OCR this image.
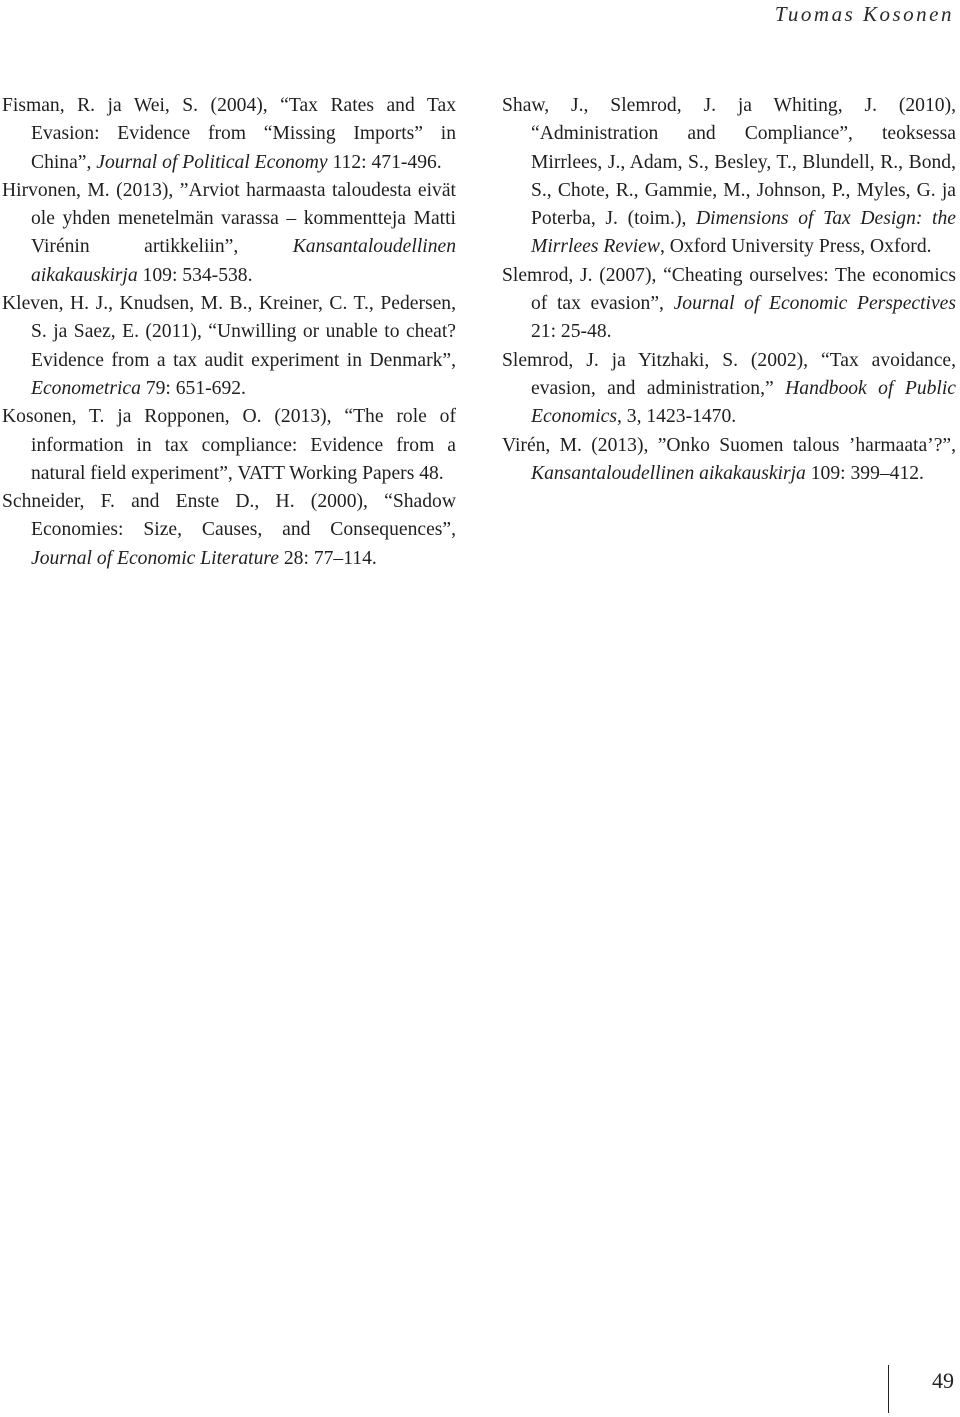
Tuomas Kosonen

Fisman, R. ja Wei, S. (2004), “Tax Rates and Tax Evasion: Evidence from “Missing Imports” in China”, Journal of Political Economy 112: 471-496.

Hirvonen, M. (2013), ”Arviot harmaasta taloudesta eivät ole yhden menetelmän varassa – kommentteja Matti Virénin artikkeliin”, Kansantaloudellinen aikakauskirja 109: 534-538.

Kleven, H. J., Knudsen, M. B., Kreiner, C. T., Pedersen, S. ja Saez, E. (2011), “Unwilling or unable to cheat? Evidence from a tax audit experiment in Denmark”, Econometrica 79: 651-692.

Kosonen, T. ja Ropponen, O. (2013), “The role of information in tax compliance: Evidence from a natural field experiment”, VATT Working Papers 48.

Schneider, F. and Enste D., H. (2000), “Shadow Economies: Size, Causes, and Consequences”, Journal of Economic Literature 28: 77–114.

Shaw, J., Slemrod, J. ja Whiting, J. (2010), “Administration and Compliance”, teoksessa Mirrlees, J., Adam, S., Besley, T., Blundell, R., Bond, S., Chote, R., Gammie, M., Johnson, P., Myles, G. ja Poterba, J. (toim.), Dimensions of Tax Design: the Mirrlees Review, Oxford University Press, Oxford.

Slemrod, J. (2007), “Cheating ourselves: The economics of tax evasion”, Journal of Economic Perspectives 21: 25-48.

Slemrod, J. ja Yitzhaki, S. (2002), “Tax avoidance, evasion, and administration,” Handbook of Public Economics, 3, 1423-1470.

Virén, M. (2013), ”Onko Suomen talous ’harmaata’?”, Kansantaloudellinen aikakauskirja 109: 399–412.

49
